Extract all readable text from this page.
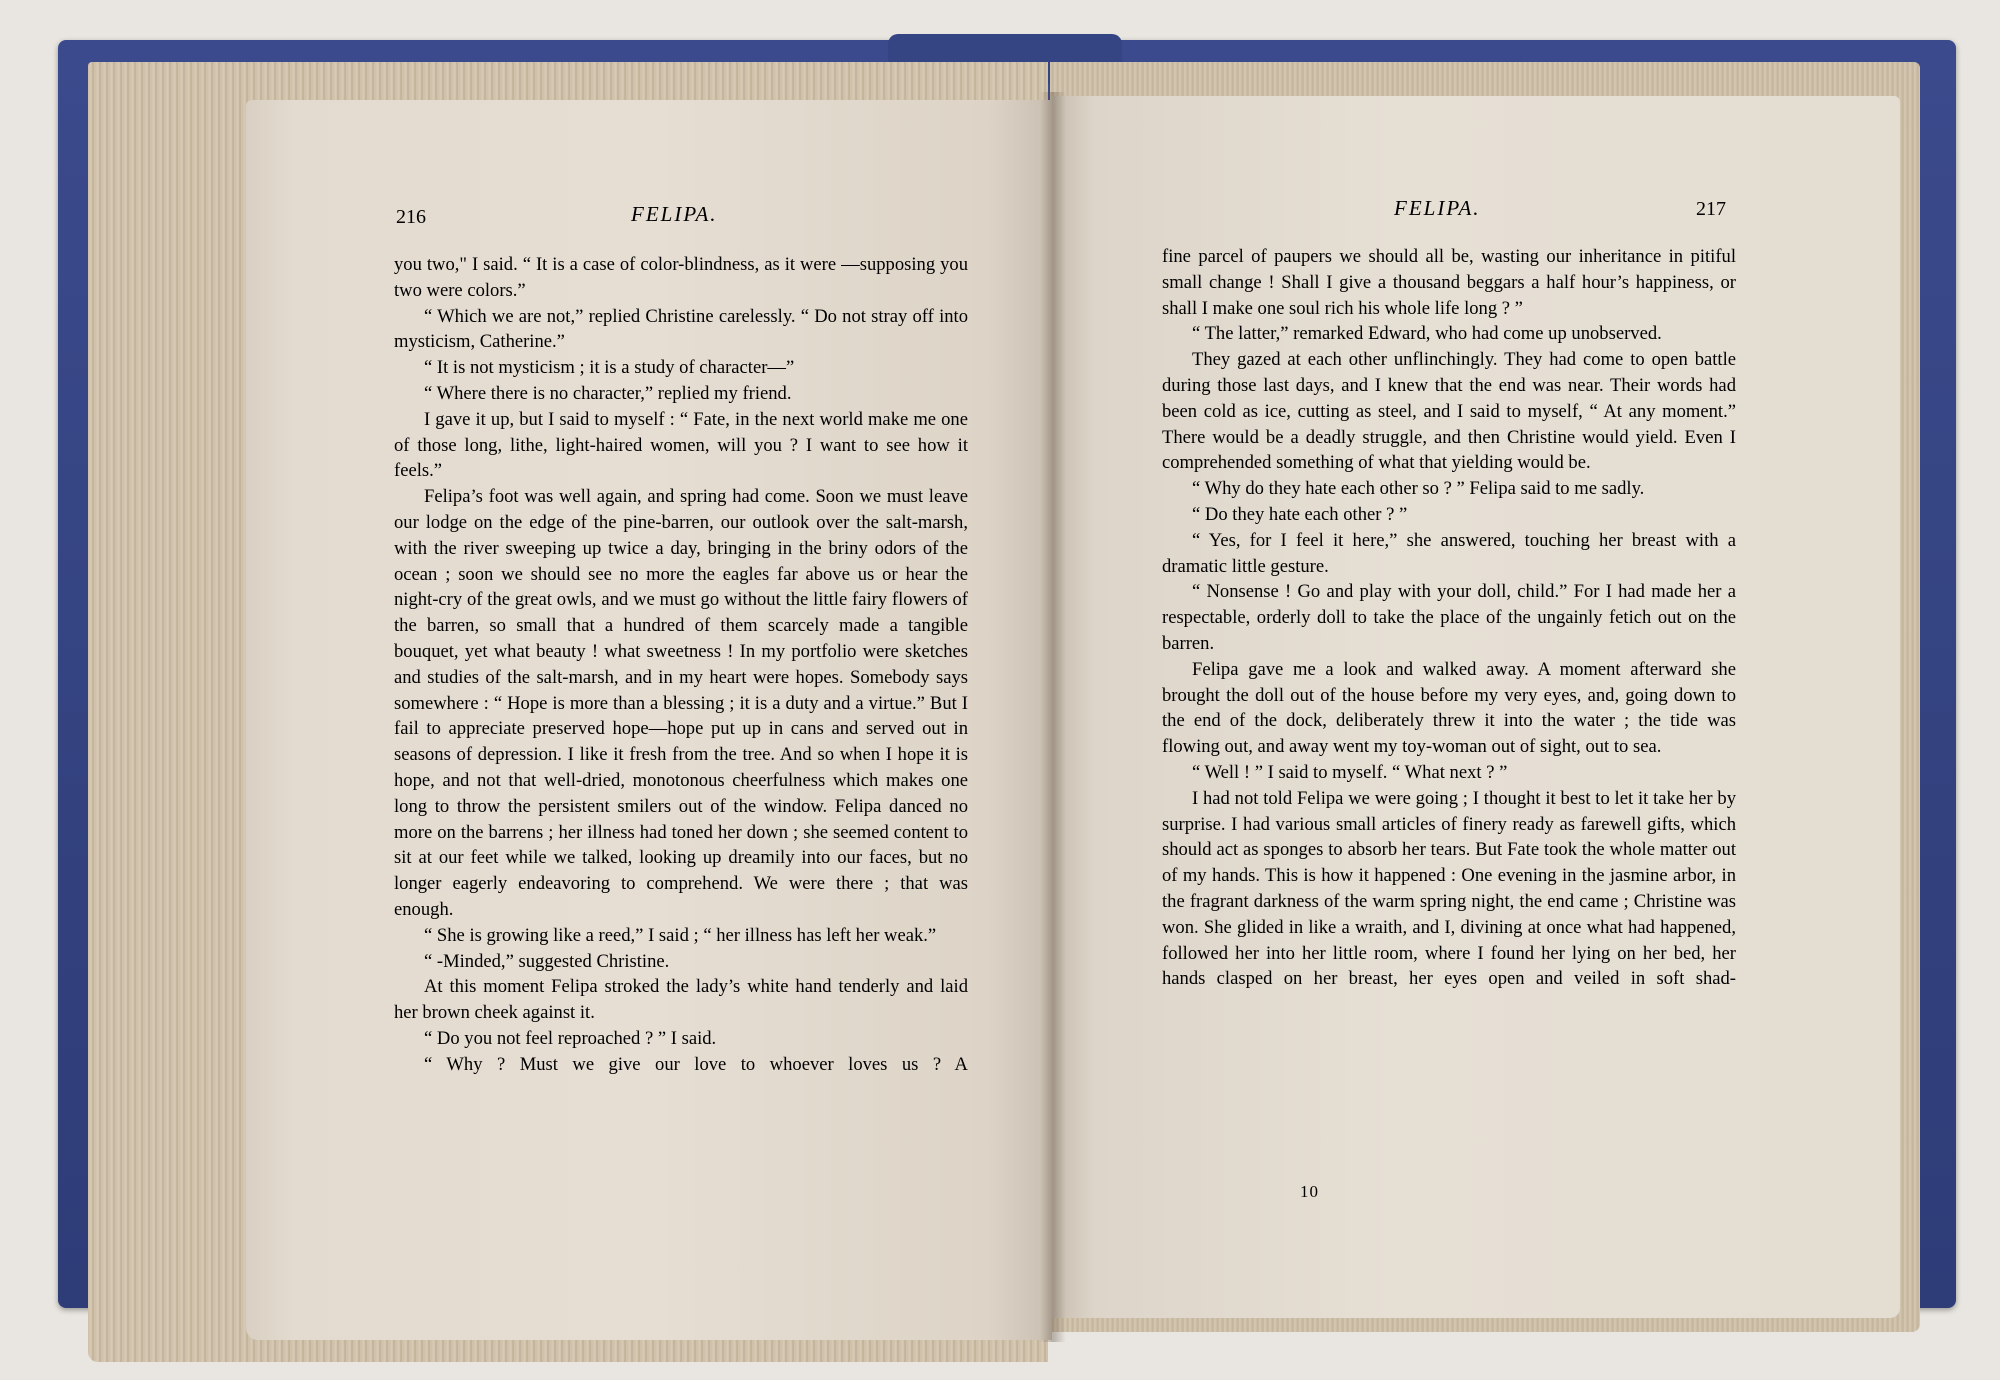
216	FELIPA.

you two," I said. “ It is a case of color-blindness, as it were —supposing you two were colors.”

“ Which we are not,” replied Christine carelessly. “ Do not stray off into mysticism, Catherine.”

“ It is not mysticism ; it is a study of character—”

“ Where there is no character,” replied my friend.

I gave it up, but I said to myself : “ Fate, in the next world make me one of those long, lithe, light-haired women, will you ? I want to see how it feels.”

Felipa’s foot was well again, and spring had come. Soon we must leave our lodge on the edge of the pine-barren, our outlook over the salt-marsh, with the river sweeping up twice a day, bringing in the briny odors of the ocean ; soon we should see no more the eagles far above us or hear the night-cry of the great owls, and we must go without the little fairy flowers of the barren, so small that a hundred of them scarcely made a tangible bouquet, yet what beauty ! what sweetness ! In my portfolio were sketches and studies of the salt-marsh, and in my heart were hopes. Somebody says somewhere : “ Hope is more than a blessing ; it is a duty and a virtue.” But I fail to appreciate preserved hope—hope put up in cans and served out in seasons of depression. I like it fresh from the tree. And so when I hope it is hope, and not that well-dried, monotonous cheerfulness which makes one long to throw the persistent smilers out of the window. Felipa danced no more on the barrens ; her illness had toned her down ; she seemed content to sit at our feet while we talked, looking up dreamily into our faces, but no longer eagerly endeavoring to comprehend. We were there ; that was enough.

“ She is growing like a reed,” I said ; “ her illness has left her weak.”

“ -Minded,” suggested Christine.

At this moment Felipa stroked the lady’s white hand tenderly and laid her brown cheek against it.

“ Do you not feel reproached ? ” I said.

“ Why ? Must we give our love to whoever loves us ? A

FELIPA.	217

fine parcel of paupers we should all be, wasting our inheritance in pitiful small change ! Shall I give a thousand beggars a half hour’s happiness, or shall I make one soul rich his whole life long ? ”

“ The latter,” remarked Edward, who had come up unobserved.

They gazed at each other unflinchingly. They had come to open battle during those last days, and I knew that the end was near. Their words had been cold as ice, cutting as steel, and I said to myself, “ At any moment.” There would be a deadly struggle, and then Christine would yield. Even I comprehended something of what that yielding would be.

“ Why do they hate each other so ? ” Felipa said to me sadly.

“ Do they hate each other ? ”

“ Yes, for I feel it here,” she answered, touching her breast with a dramatic little gesture.

“ Nonsense ! Go and play with your doll, child.” For I had made her a respectable, orderly doll to take the place of the ungainly fetich out on the barren.

Felipa gave me a look and walked away. A moment afterward she brought the doll out of the house before my very eyes, and, going down to the end of the dock, deliberately threw it into the water ; the tide was flowing out, and away went my toy-woman out of sight, out to sea.

“ Well ! ” I said to myself. “ What next ? ”

I had not told Felipa we were going ; I thought it best to let it take her by surprise. I had various small articles of finery ready as farewell gifts, which should act as sponges to absorb her tears. But Fate took the whole matter out of my hands. This is how it happened : One evening in the jasmine arbor, in the fragrant darkness of the warm spring night, the end came ; Christine was won. She glided in like a wraith, and I, divining at once what had happened, followed her into her little room, where I found her lying on her bed, her hands clasped on her breast, her eyes open and veiled in soft shad-

10
